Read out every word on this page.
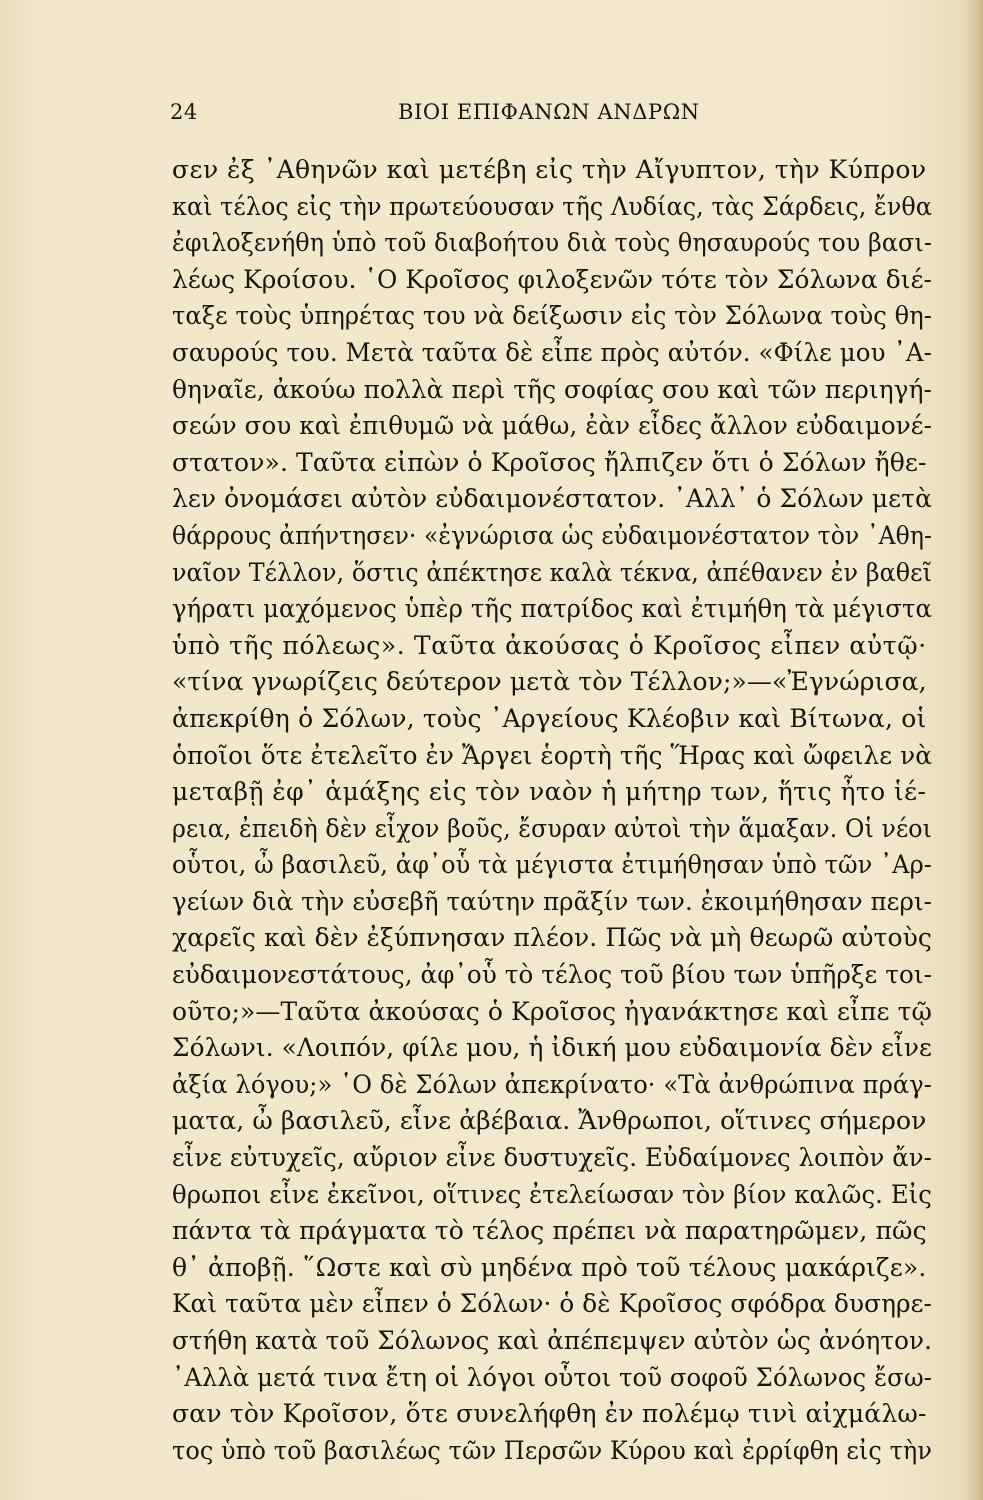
24	ΒΙΟΙ ΕΠΙΦΑΝΩΝ ΑΝΔΡΩΝ
σεν ἐξ ᾿Αθηνῶν καὶ μετέβη εἰς τὴν Αἴγυπτον, τὴν Κύπρον
καὶ τέλος εἰς τὴν πρωτεύουσαν τῆς Λυδίας, τὰς Σάρδεις, ἔνθα
ἐφιλοξενήθη ὑπὸ τοῦ διαβοήτου διὰ τοὺς θησαυρούς του βασι-
λέως Κροίσου. ῾Ο Κροῖσος φιλοξενῶν τότε τὸν Σόλωνα διέ-
ταξε τοὺς ὑπηρέτας του νὰ δείξωσιν εἰς τὸν Σόλωνα τοὺς θη-
σαυρούς του. Μετὰ ταῦτα δὲ εἶπε πρὸς αὐτόν. «Φίλε μου ᾿Α-
θηναῖε, ἀκούω πολλὰ περὶ τῆς σοφίας σου καὶ τῶν περιηγή-
σεών σου καὶ ἐπιθυμῶ νὰ μάθω, ἐὰν εἶδες ἄλλον εὐδαιμονέ-
στατον». Ταῦτα εἰπὼν ὁ Κροῖσος ἤλπιζεν ὅτι ὁ Σόλων ἤθε-
λεν ὀνομάσει αὐτὸν εὐδαιμονέστατον. ᾿Αλλ᾿ ὁ Σόλων μετὰ
θάρρους ἀπήντησεν· «ἐγνώρισα ὡς εὐδαιμονέστατον τὸν ᾿Αθη-
ναῖον Τέλλον, ὅστις ἀπέκτησε καλὰ τέκνα, ἀπέθανεν ἐν βαθεῖ
γήρατι μαχόμενος ὑπὲρ τῆς πατρίδος καὶ ἐτιμήθη τὰ μέγιστα
ὑπὸ τῆς πόλεως». Ταῦτα ἀκούσας ὁ Κροῖσος εἶπεν αὐτῷ·
«τίνα γνωρίζεις δεύτερον μετὰ τὸν Τέλλον;»—«Ἐγνώρισα,
ἀπεκρίθη ὁ Σόλων, τοὺς ᾿Αργείους Κλέοβιν καὶ Βίτωνα, οἱ
ὁποῖοι ὅτε ἐτελεῖτο ἐν Ἄργει ἑορτὴ τῆς Ἥρας καὶ ὤφειλε νὰ
μεταβῇ ἐφ᾿ ἁμάξης εἰς τὸν ναὸν ἡ μήτηρ των, ἥτις ἦτο ἱέ-
ρεια, ἐπειδὴ δὲν εἶχον βοῦς, ἔσυραν αὐτοὶ τὴν ἅμαξαν. Οἱ νέοι
οὗτοι, ὦ βασιλεῦ, ἀφ᾿οὗ τὰ μέγιστα ἐτιμήθησαν ὑπὸ τῶν ᾿Αρ-
γείων διὰ τὴν εὐσεβῆ ταύτην πρᾶξίν των. ἐκοιμήθησαν περι-
χαρεῖς καὶ δὲν ἐξύπνησαν πλέον. Πῶς νὰ μὴ θεωρῶ αὐτοὺς
εὐδαιμονεστάτους, ἀφ᾿οὗ τὸ τέλος τοῦ βίου των ὑπῆρξε τοι-
οῦτο;»—Ταῦτα ἀκούσας ὁ Κροῖσος ἠγανάκτησε καὶ εἶπε τῷ
Σόλωνι. «Λοιπόν, φίλε μου, ἡ ἰδική μου εὐδαιμονία δὲν εἶνε
ἀξία λόγου;» ῾Ο δὲ Σόλων ἀπεκρίνατο· «Τὰ ἀνθρώπινα πράγ-
ματα, ὦ βασιλεῦ, εἶνε ἀβέβαια. Ἄνθρωποι, οἵτινες σήμερον
εἶνε εὐτυχεῖς, αὔριον εἶνε δυστυχεῖς. Εὐδαίμονες λοιπὸν ἄν-
θρωποι εἶνε ἐκεῖνοι, οἵτινες ἐτελείωσαν τὸν βίον καλῶς. Εἰς
πάντα τὰ πράγματα τὸ τέλος πρέπει νὰ παρατηρῶμεν, πῶς
θ᾿ ἀποβῇ. ῞Ωστε καὶ σὺ μηδένα πρὸ τοῦ τέλους μακάριζε».
Καὶ ταῦτα μὲν εἶπεν ὁ Σόλων· ὁ δὲ Κροῖσος σφόδρα δυσηρε-
στήθη κατὰ τοῦ Σόλωνος καὶ ἀπέπεμψεν αὐτὸν ὡς ἀνόητον.
᾿Αλλὰ μετά τινα ἔτη οἱ λόγοι οὗτοι τοῦ σοφοῦ Σόλωνος ἔσω-
σαν τὸν Κροῖσον, ὅτε συνελήφθη ἐν πολέμῳ τινὶ αἰχμάλω-
τος ὑπὸ τοῦ βασιλέως τῶν Περσῶν Κύρου καὶ ἐρρίφθη εἰς τὴν
